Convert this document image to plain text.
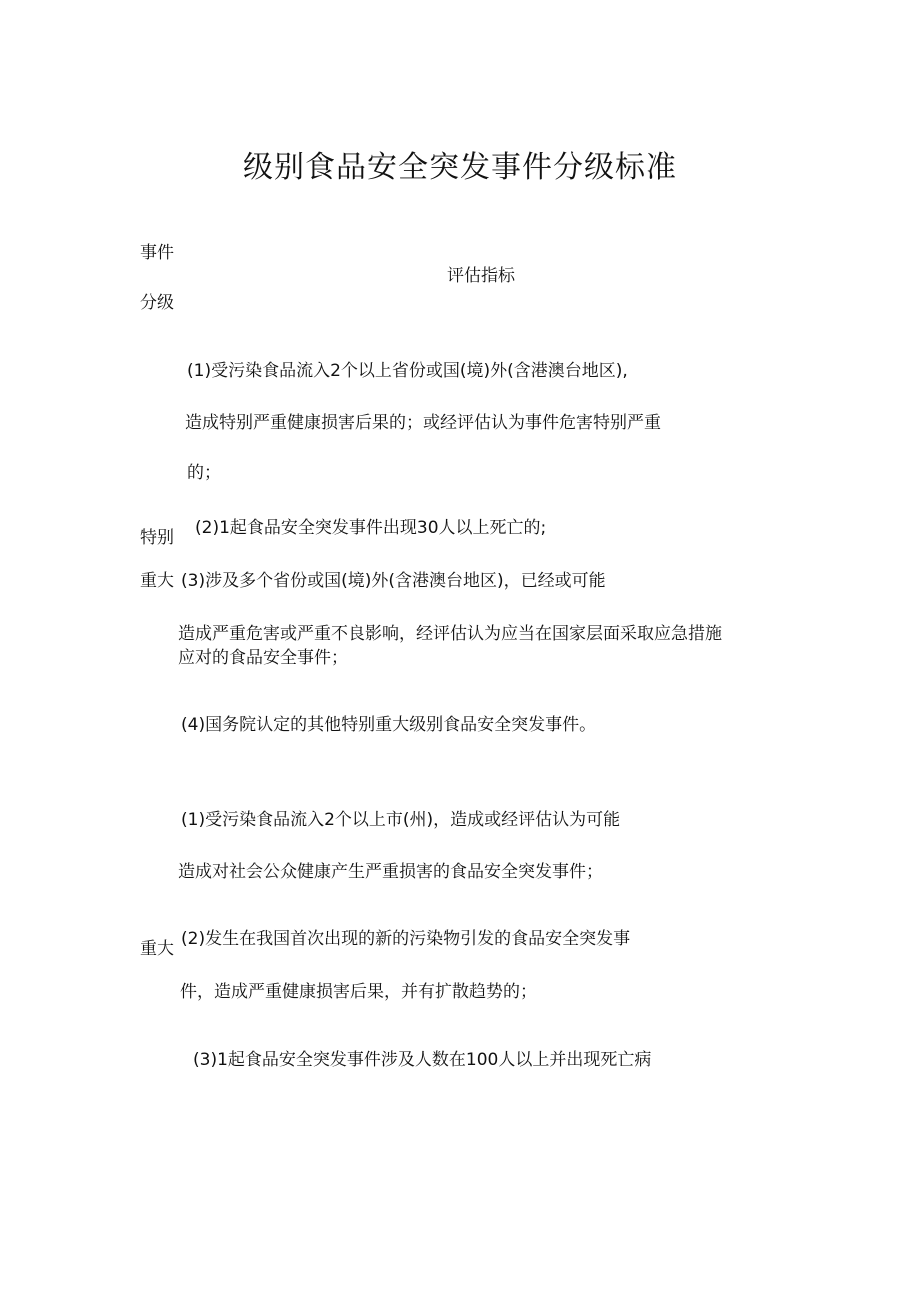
级别食品安全突发事件分级标准
事件
分级
评估指标
特别
重大
(1)受污染食品流入2个以上省份或国(境)外(含港澳台地区),
造成特别严重健康损害后果的；或经评估认为事件危害特别严重
的；
(2)1起食品安全突发事件出现30人以上死亡的;
(3)涉及多个省份或国(境)外(含港澳台地区)，已经或可能
造成严重危害或严重不良影响，经评估认为应当在国家层面采取应急措施
应对的食品安全事件；
(4)国务院认定的其他特别重大级别食品安全突发事件。
重大
(1)受污染食品流入2个以上市(州)，造成或经评估认为可能
造成对社会公众健康产生严重损害的食品安全突发事件；
(2)发生在我国首次出现的新的污染物引发的食品安全突发事
件，造成严重健康损害后果，并有扩散趋势的；
(3)1起食品安全突发事件涉及人数在100人以上并出现死亡病
